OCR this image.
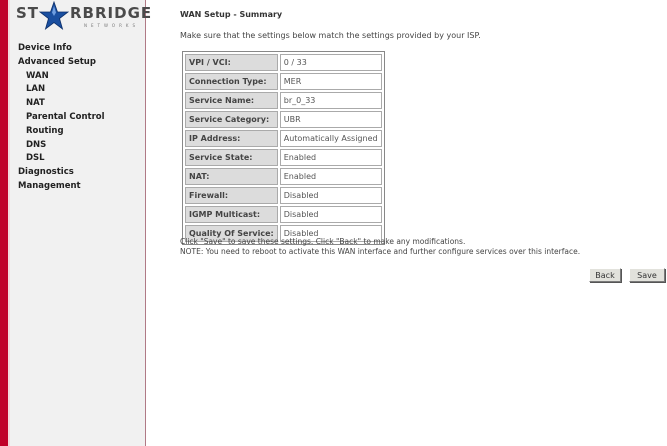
ST RBRIDGE
NETWORKS
Device Info
Advanced Setup
WAN
LAN
NAT
Parental Control
Routing
DNS
DSL
Diagnostics
Management
WAN Setup - Summary
Make sure that the settings below match the settings provided by your ISP.
VPI / VCI:	0 / 33
Connection Type:	MER
Service Name:	br_0_33
Service Category:	UBR
IP Address:	Automatically Assigned
Service State:	Enabled
NAT:	Enabled
Firewall:	Disabled
IGMP Multicast:	Disabled
Quality Of Service:	Disabled
Click "Save" to save these settings. Click "Back" to make any modifications.
NOTE: You need to reboot to activate this WAN interface and further configure services over this interface.
Back	Save
